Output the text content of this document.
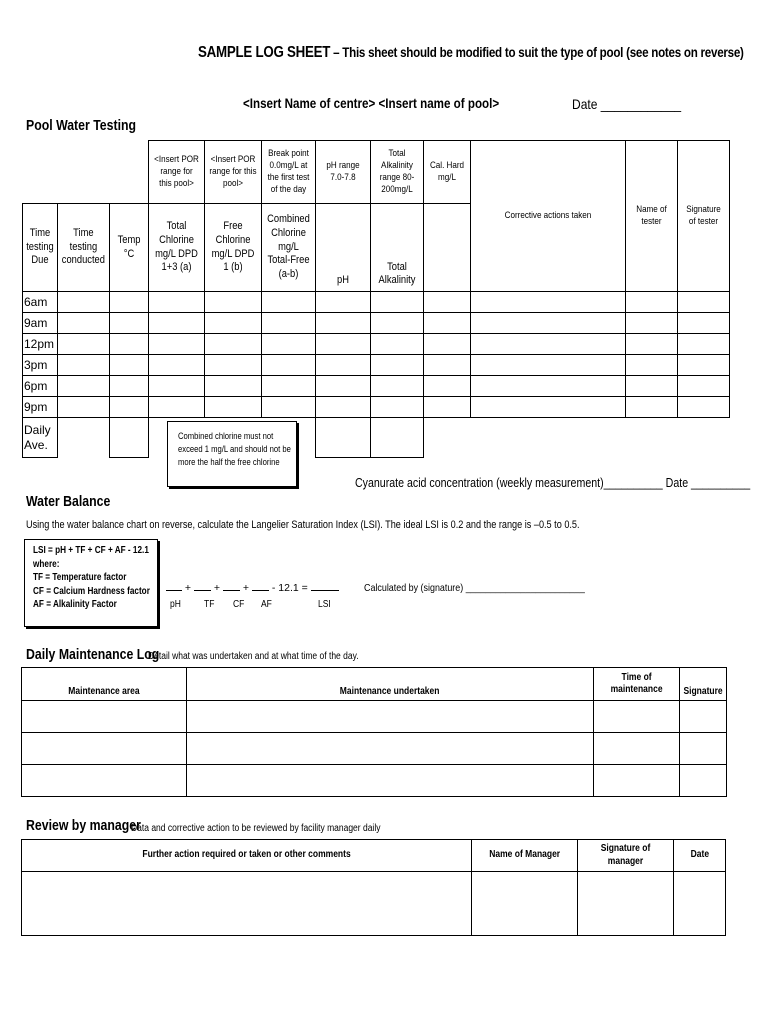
SAMPLE LOG SHEET – This sheet should be modified to suit the type of pool (see notes on reverse)
<Insert Name of centre> <Insert name of pool>	Date ____________
Pool Water Testing
			<Insert POR range for this pool>	<Insert POR range for this pool>	Break point 0.0mg/L at the first test of the day	pH range 7.0-7.8	Total Alkalinity range 80-200mg/L	Cal. Hard mg/L	Corrective actions taken	Name of tester	Signature of tester
Time testing Due	Time testing conducted	Temp °C	Total Chlorine mg/L DPD 1+3 (a)	Free Chlorine mg/L DPD 1 (b)	Combined Chlorine mg/L Total-Free (a-b)	pH	Total Alkalinity				
6am											
9am											
12pm											
3pm											
6pm											
9pm											
Daily Ave.											
Combined chlorine must not
exceed 1 mg/L and should not be
more the half the free chlorine
Cyanurate acid concentration (weekly measurement)__________ Date __________
Water Balance
Using the water balance chart on reverse, calculate the Langelier Saturation Index (LSI). The ideal LSI is 0.2 and the range is –0.5 to 0.5.
LSI = pH + TF + CF + AF - 12.1
where:
TF = Temperature factor
CF = Calcium Hardness factor
AF = Alkalinity Factor
+ + + - 12.1 =
pH TF CF AF	LSI
Calculated by (signature) ________________________
Daily Maintenance Log
Detail what was undertaken and at what time of the day.
Maintenance area	Maintenance undertaken	Time of maintenance	Signature

Review by manager
Data and corrective action to be reviewed by facility manager daily
Further action required or taken or other comments	Name of Manager	Signature of manager	Date
